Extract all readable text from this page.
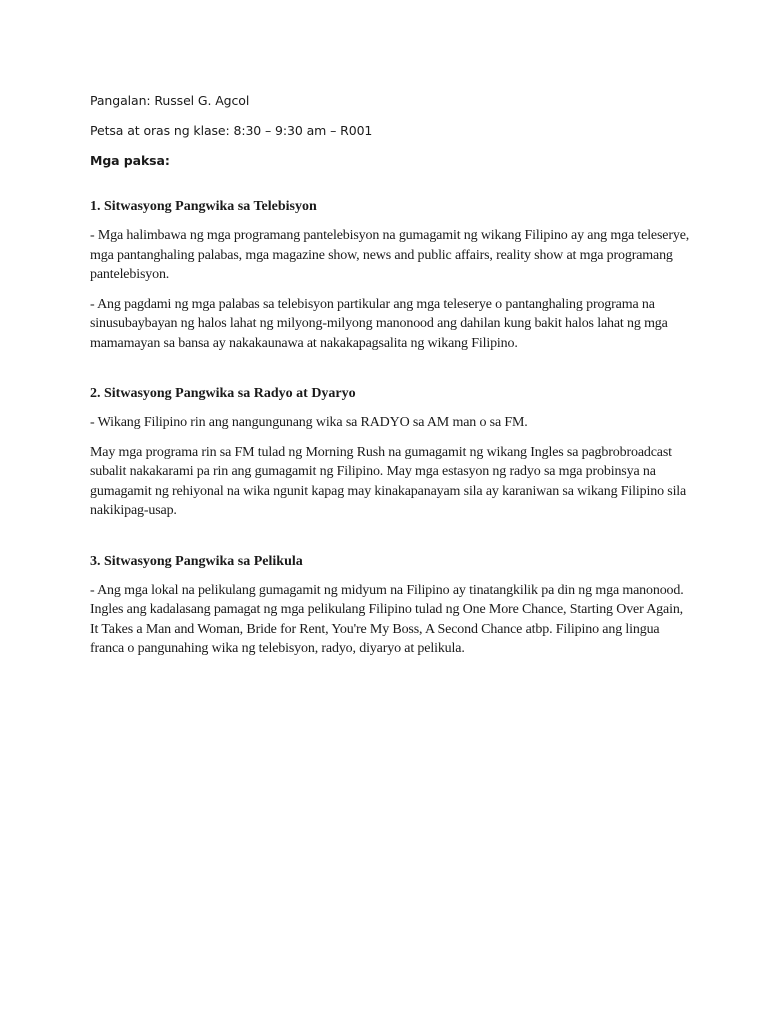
Pangalan: Russel G. Agcol

Petsa at oras ng klase: 8:30 – 9:30 am – R001

Mga paksa:

1. Sitwasyong Pangwika sa Telebisyon

- Mga halimbawa ng mga programang pantelebisyon na gumagamit ng wikang Filipino ay ang mga teleserye, mga pantanghaling palabas, mga magazine show, news and public affairs, reality show at mga programang pantelebisyon.

- Ang pagdami ng mga palabas sa telebisyon partikular ang mga teleserye o pantanghaling programa na sinusubaybayan ng halos lahat ng milyong-milyong manonood ang dahilan kung bakit halos lahat ng mga mamamayan sa bansa ay nakakaunawa at nakakapagsalita ng wikang Filipino.

2. Sitwasyong Pangwika sa Radyo at Dyaryo

- Wikang Filipino rin ang nangungunang wika sa RADYO sa AM man o sa FM.

May mga programa rin sa FM tulad ng Morning Rush na gumagamit ng wikang Ingles sa pagbrobroadcast subalit nakakarami pa rin ang gumagamit ng Filipino. May mga estasyon ng radyo sa mga probinsya na gumagamit ng rehiyonal na wika ngunit kapag may kinakapanayam sila ay karaniwan sa wikang Filipino sila nakikipag-usap.

3. Sitwasyong Pangwika sa Pelikula

- Ang mga lokal na pelikulang gumagamit ng midyum na Filipino ay tinatangkilik pa din ng mga manonood. Ingles ang kadalasang pamagat ng mga pelikulang Filipino tulad ng One More Chance, Starting Over Again, It Takes a Man and Woman, Bride for Rent, You're My Boss, A Second Chance atbp. Filipino ang lingua franca o pangunahing wika ng telebisyon, radyo, diyaryo at pelikula.
